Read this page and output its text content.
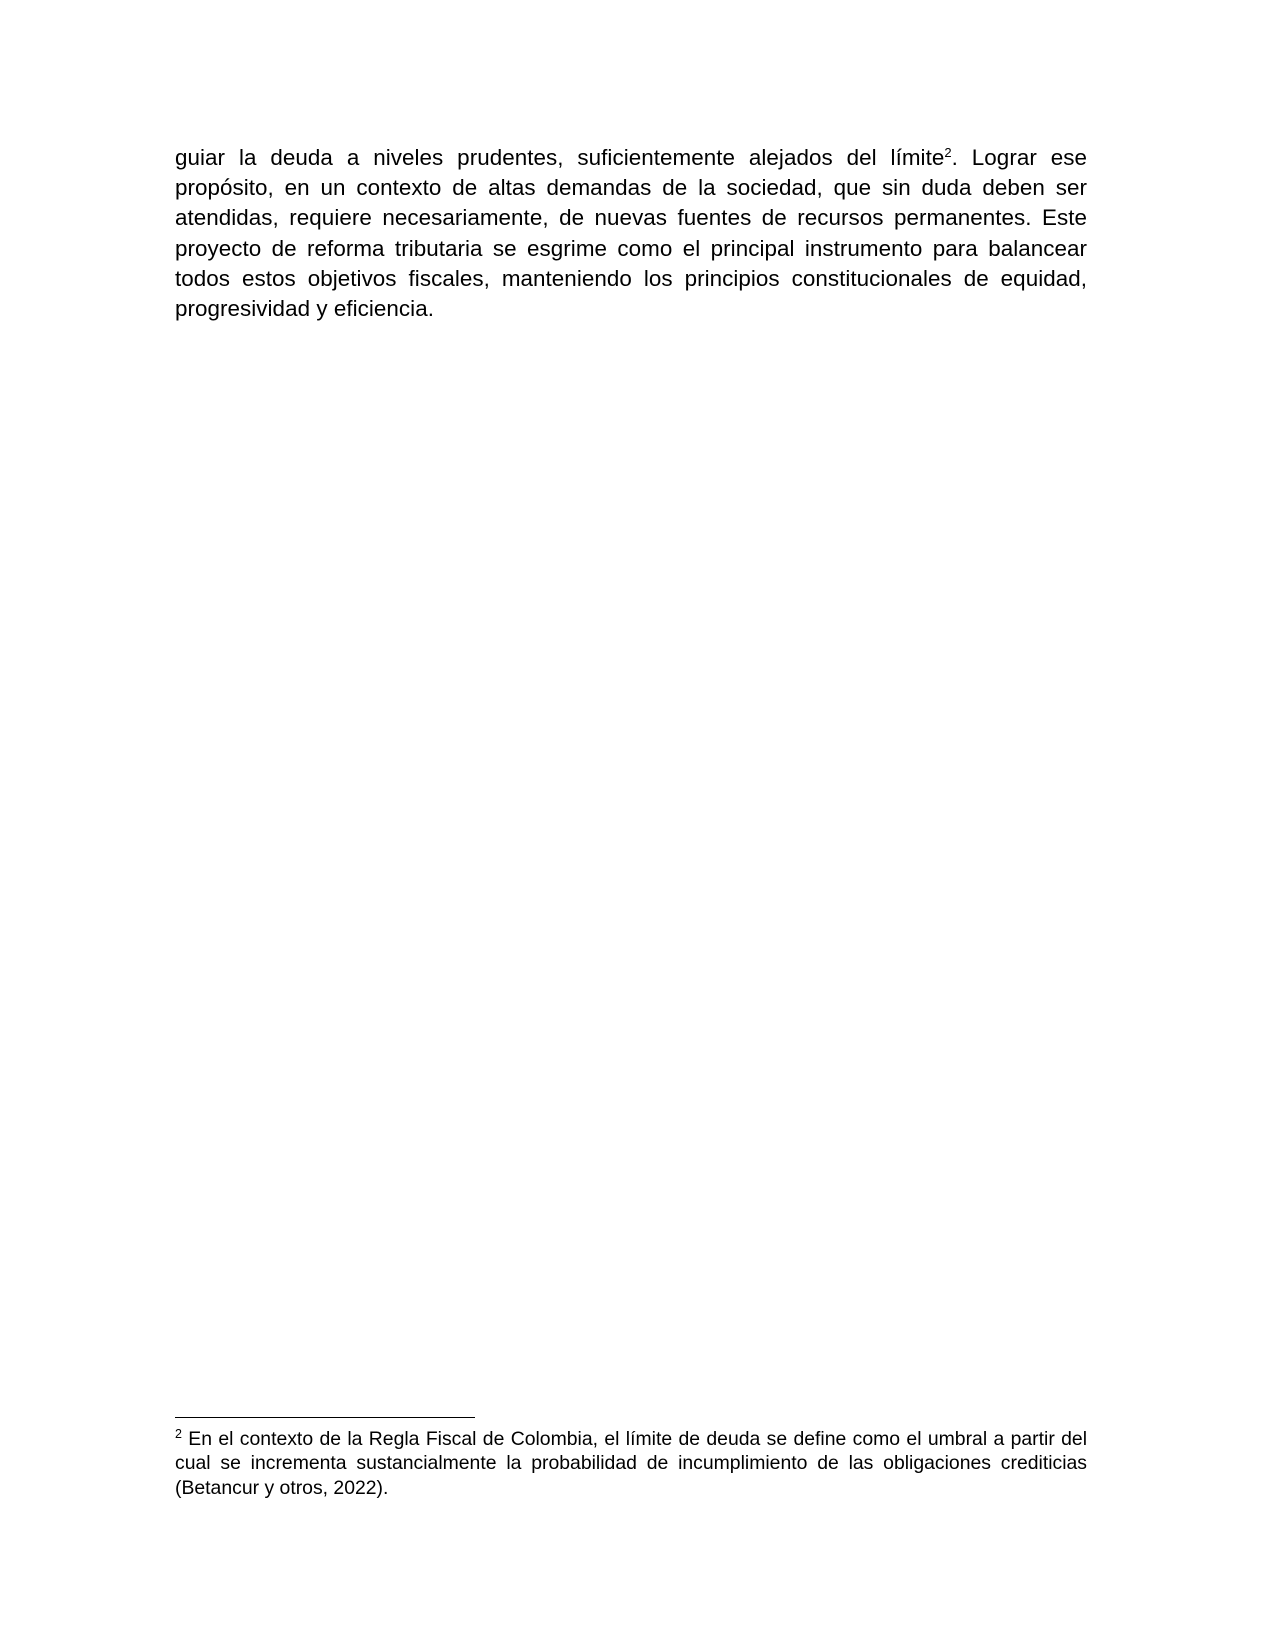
guiar la deuda a niveles prudentes, suficientemente alejados del límite$^2$. Lograr ese propósito, en un contexto de altas demandas de la sociedad, que sin duda deben ser atendidas, requiere necesariamente, de nuevas fuentes de recursos permanentes. Este proyecto de reforma tributaria se esgrime como el principal instrumento para balancear todos estos objetivos fiscales, manteniendo los principios constitucionales de equidad, progresividad y eficiencia.

$^2$ En el contexto de la Regla Fiscal de Colombia, el límite de deuda se define como el umbral a partir del cual se incrementa sustancialmente la probabilidad de incumplimiento de las obligaciones crediticias (Betancur y otros, 2022).
